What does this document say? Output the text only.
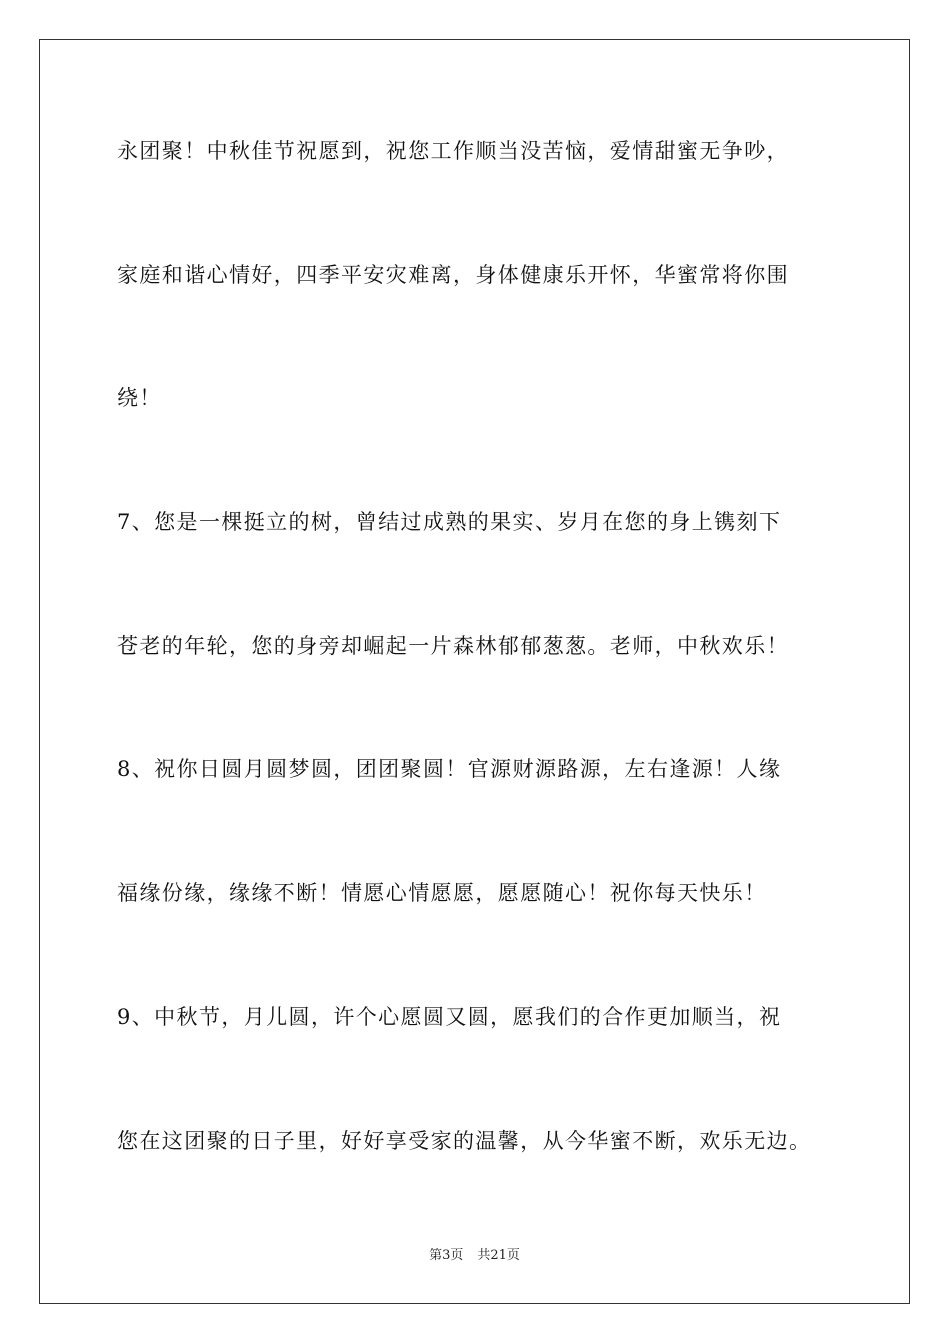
永团聚！中秋佳节祝愿到，祝您工作顺当没苦恼，爱情甜蜜无争吵，
家庭和谐心情好，四季平安灾难离，身体健康乐开怀，华蜜常将你围
绕！
7、您是一棵挺立的树，曾结过成熟的果实、岁月在您的身上镌刻下
苍老的年轮，您的身旁却崛起一片森林郁郁葱葱。老师，中秋欢乐！
8、祝你日圆月圆梦圆，团团聚圆！官源财源路源，左右逢源！人缘
福缘份缘，缘缘不断！情愿心情愿愿，愿愿随心！祝你每天快乐！
9、中秋节，月儿圆，许个心愿圆又圆，愿我们的合作更加顺当，祝
您在这团聚的日子里，好好享受家的温馨，从今华蜜不断，欢乐无边。
第3页 共21页
